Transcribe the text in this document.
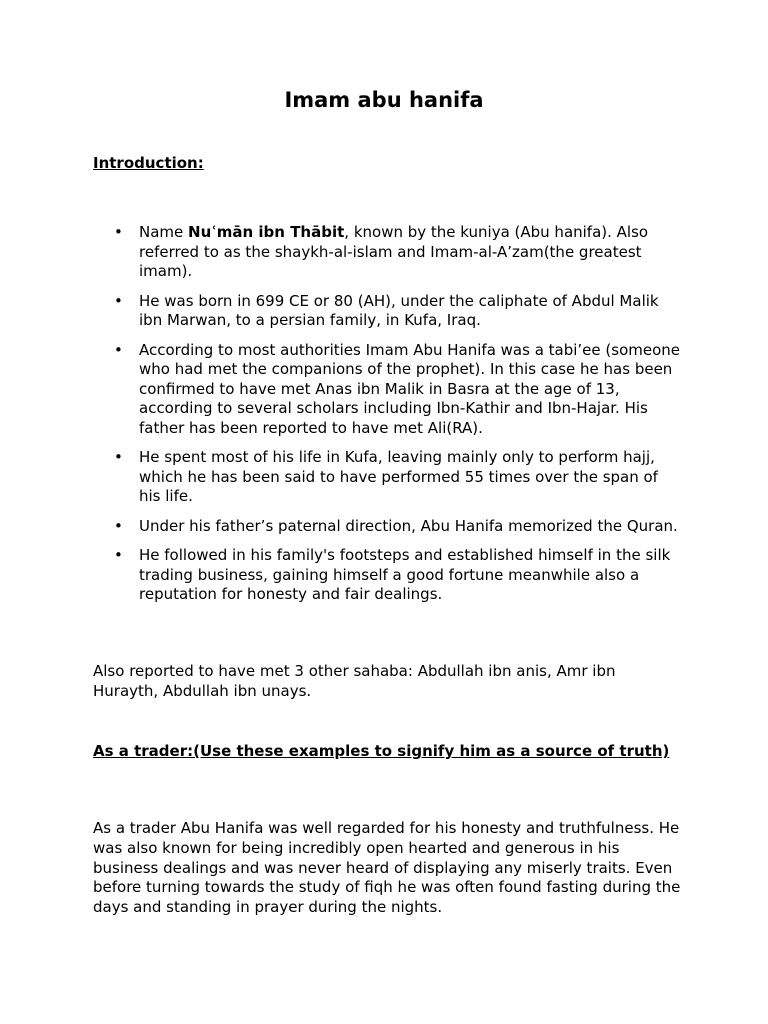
Imam abu hanifa

Introduction:

• Name Nuʿmān ibn Thābit, known by the kuniya (Abu hanifa). Also referred to as the shaykh-al-islam and Imam-al-A’zam(the greatest imam).
• He was born in 699 CE or 80 (AH), under the caliphate of Abdul Malik ibn Marwan, to a persian family, in Kufa, Iraq.
• According to most authorities Imam Abu Hanifa was a tabi’ee (someone who had met the companions of the prophet). In this case he has been confirmed to have met Anas ibn Malik in Basra at the age of 13, according to several scholars including Ibn-Kathir and Ibn-Hajar. His father has been reported to have met Ali(RA).
• He spent most of his life in Kufa, leaving mainly only to perform hajj, which he has been said to have performed 55 times over the span of his life.
• Under his father’s paternal direction, Abu Hanifa memorized the Quran.
• He followed in his family's footsteps and established himself in the silk trading business, gaining himself a good fortune meanwhile also a reputation for honesty and fair dealings.

Also reported to have met 3 other sahaba: Abdullah ibn anis, Amr ibn Hurayth, Abdullah ibn unays.

As a trader:(Use these examples to signify him as a source of truth)

As a trader Abu Hanifa was well regarded for his honesty and truthfulness. He was also known for being incredibly open hearted and generous in his business dealings and was never heard of displaying any miserly traits. Even before turning towards the study of fiqh he was often found fasting during the days and standing in prayer during the nights.
